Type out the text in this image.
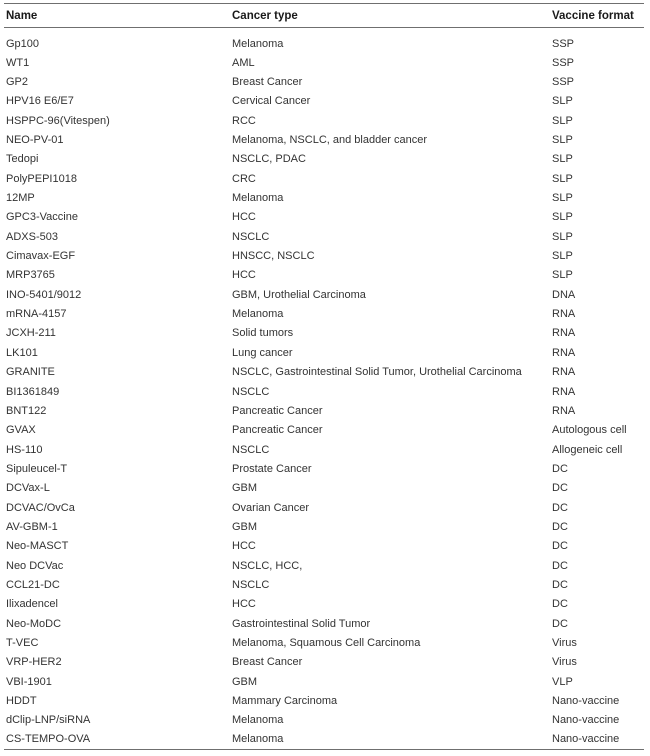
Name	Cancer type	Vaccine format
Gp100	Melanoma	SSP
WT1	AML	SSP
GP2	Breast Cancer	SSP
HPV16 E6/E7	Cervical Cancer	SLP
HSPPC-96(Vitespen)	RCC	SLP
NEO-PV-01	Melanoma, NSCLC, and bladder cancer	SLP
Tedopi	NSCLC, PDAC	SLP
PolyPEPI1018	CRC	SLP
12MP	Melanoma	SLP
GPC3-Vaccine	HCC	SLP
ADXS-503	NSCLC	SLP
Cimavax-EGF	HNSCC, NSCLC	SLP
MRP3765	HCC	SLP
INO-5401/9012	GBM, Urothelial Carcinoma	DNA
mRNA-4157	Melanoma	RNA
JCXH-211	Solid tumors	RNA
LK101	Lung cancer	RNA
GRANITE	NSCLC, Gastrointestinal Solid Tumor, Urothelial Carcinoma	RNA
BI1361849	NSCLC	RNA
BNT122	Pancreatic Cancer	RNA
GVAX	Pancreatic Cancer	Autologous cell
HS-110	NSCLC	Allogeneic cell
Sipuleucel-T	Prostate Cancer	DC
DCVax-L	GBM	DC
DCVAC/OvCa	Ovarian Cancer	DC
AV-GBM-1	GBM	DC
Neo-MASCT	HCC	DC
Neo DCVac	NSCLC, HCC,	DC
CCL21-DC	NSCLC	DC
Ilixadencel	HCC	DC
Neo-MoDC	Gastrointestinal Solid Tumor	DC
T-VEC	Melanoma, Squamous Cell Carcinoma	Virus
VRP-HER2	Breast Cancer	Virus
VBI-1901	GBM	VLP
HDDT	Mammary Carcinoma	Nano-vaccine
dClip-LNP/siRNA	Melanoma	Nano-vaccine
CS-TEMPO-OVA	Melanoma	Nano-vaccine
